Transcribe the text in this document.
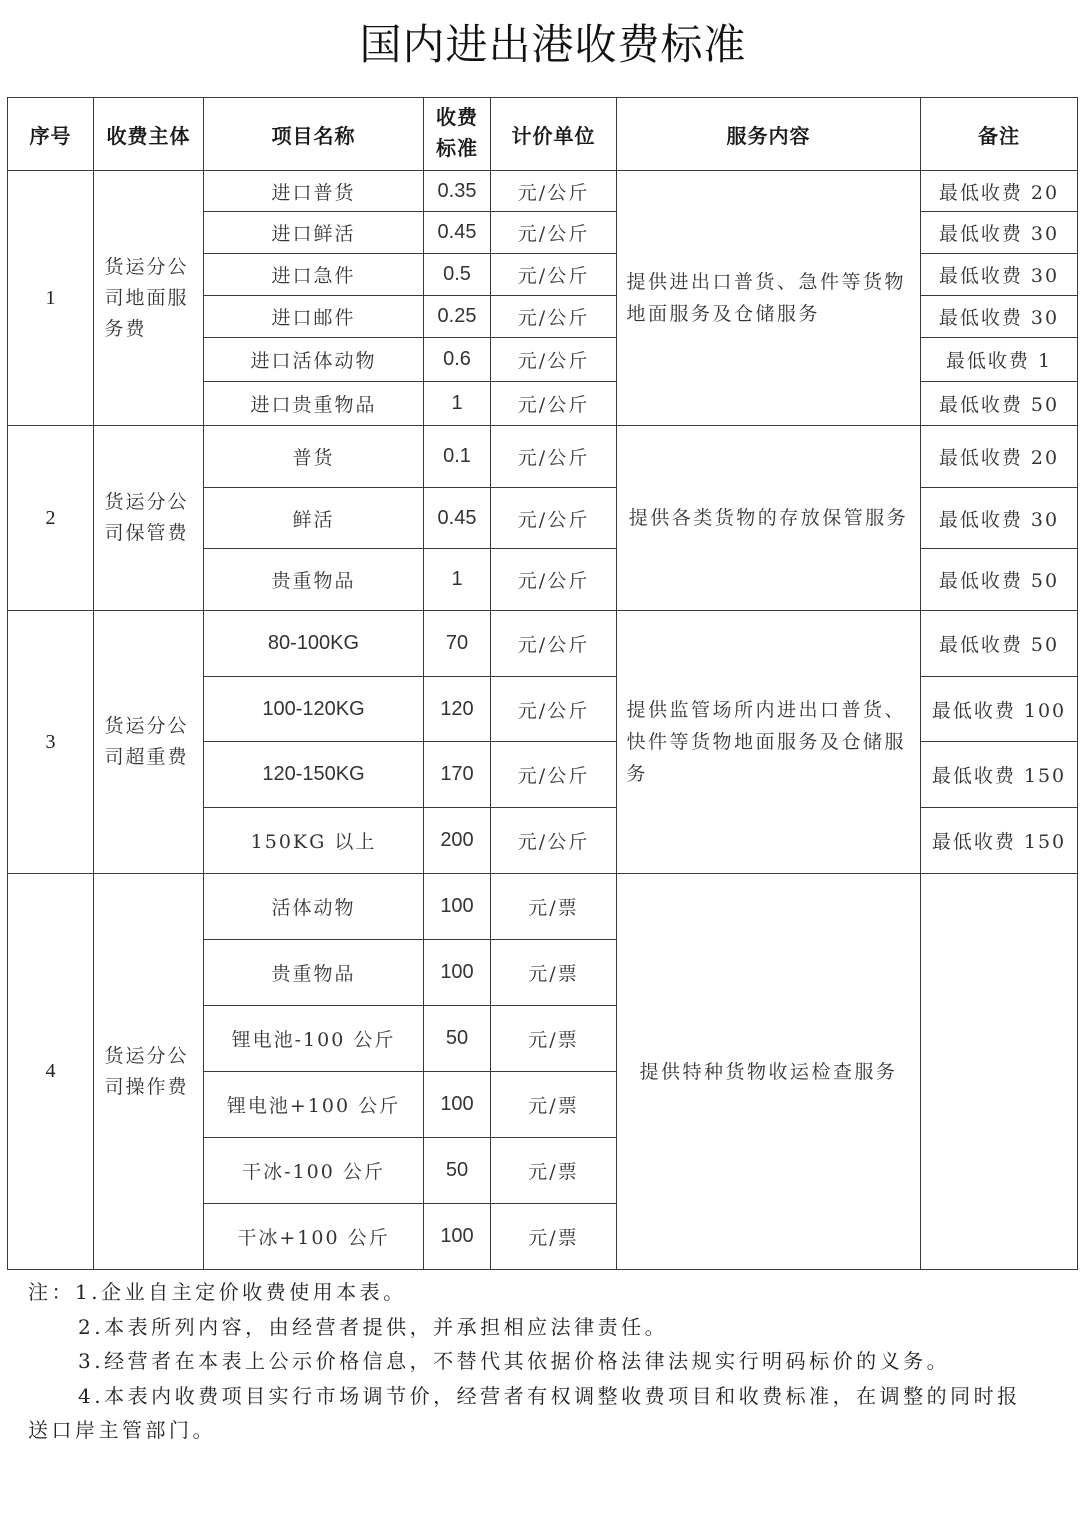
国内进出港收费标准
序号	收费主体	项目名称	收费标准	计价单位	服务内容	备注
1	货运分公司地面服务费	进口普货	0.35	元/公斤	提供进出口普货、急件等货物地面服务及仓储服务	最低收费 20
		进口鲜活	0.45	元/公斤		最低收费 30
		进口急件	0.5	元/公斤		最低收费 30
		进口邮件	0.25	元/公斤		最低收费 30
		进口活体动物	0.6	元/公斤		最低收费 1
		进口贵重物品	1	元/公斤		最低收费 50
2	货运分公司保管费	普货	0.1	元/公斤	提供各类货物的存放保管服务	最低收费 20
		鲜活	0.45	元/公斤		最低收费 30
		贵重物品	1	元/公斤		最低收费 50
3	货运分公司超重费	80-100KG	70	元/公斤	提供监管场所内进出口普货、快件等货物地面服务及仓储服务	最低收费 50
		100-120KG	120	元/公斤		最低收费 100
		120-150KG	170	元/公斤		最低收费 150
		150KG 以上	200	元/公斤		最低收费 150
4	货运分公司操作费	活体动物	100	元/票	提供特种货物收运检查服务	
		贵重物品	100	元/票		
		锂电池-100 公斤	50	元/票		
		锂电池+100 公斤	100	元/票		
		干冰-100 公斤	50	元/票		
		干冰+100 公斤	100	元/票		
注：1.企业自主定价收费使用本表。
2.本表所列内容，由经营者提供，并承担相应法律责任。
3.经营者在本表上公示价格信息，不替代其依据价格法律法规实行明码标价的义务。
4.本表内收费项目实行市场调节价，经营者有权调整收费项目和收费标准，在调整的同时报
送口岸主管部门。
